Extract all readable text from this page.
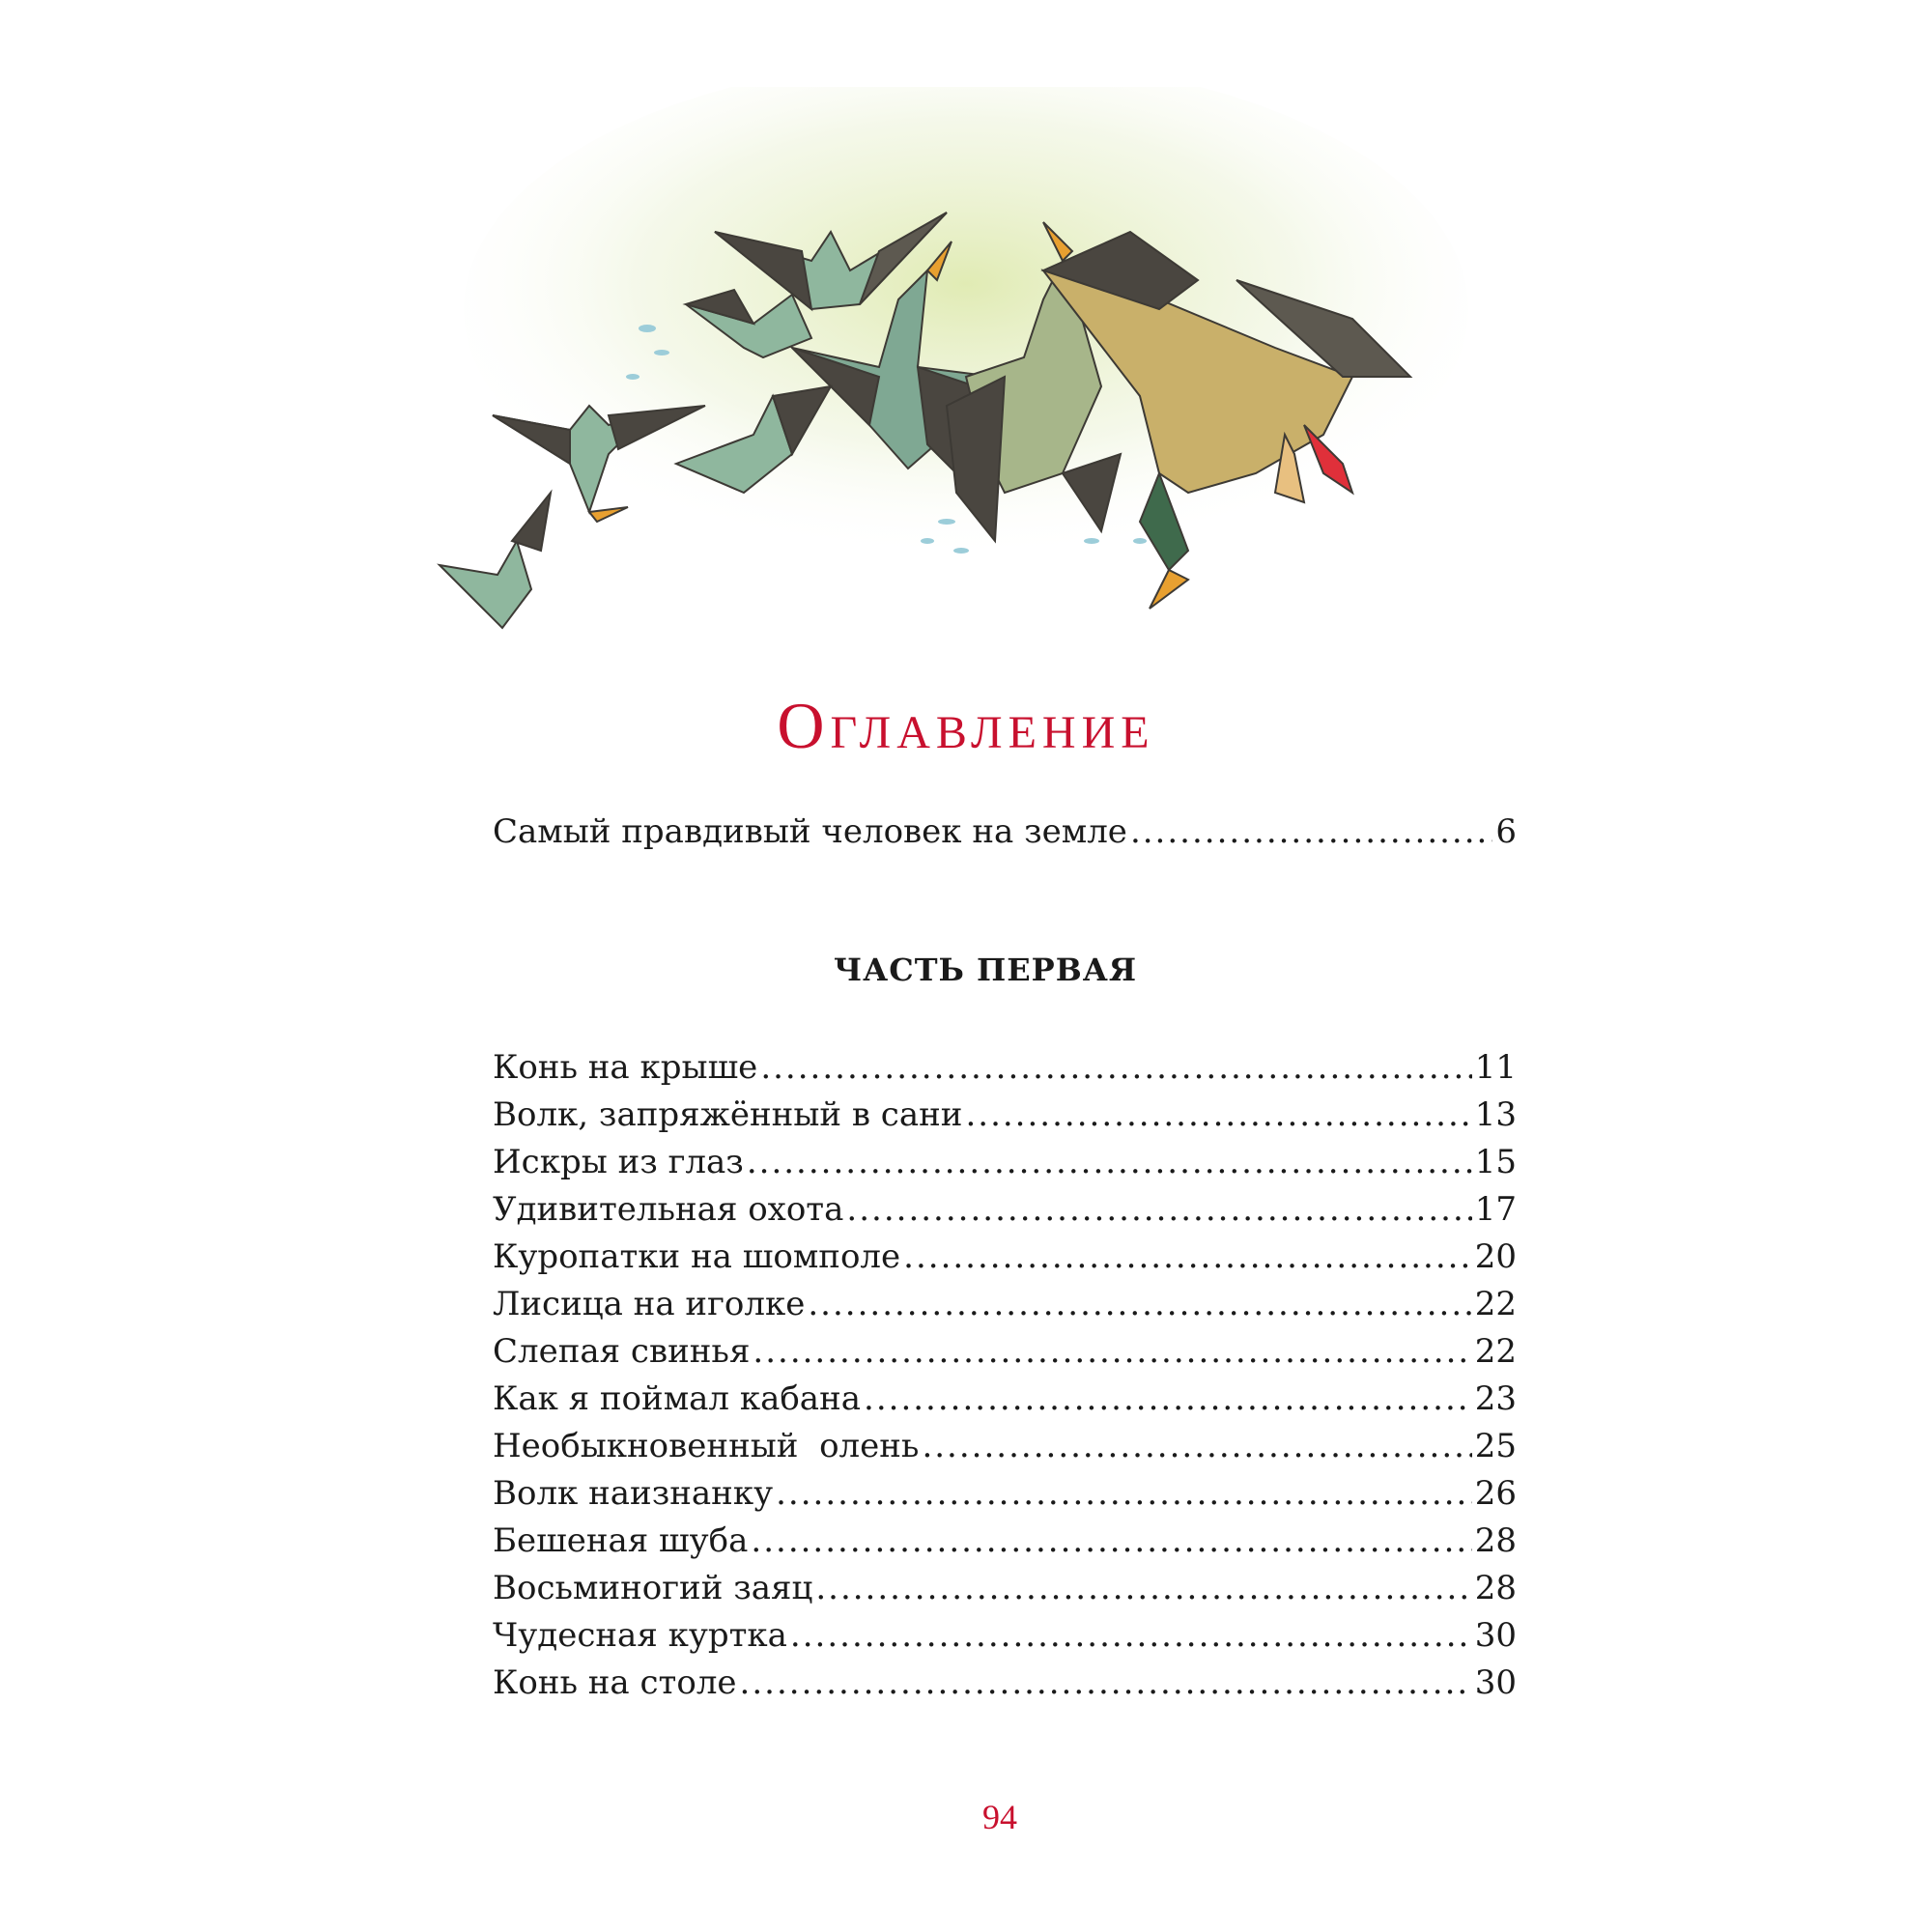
Оглавление
Самый правдивый человек на земле .....	6
ЧАСТЬ ПЕРВАЯ
Конь на крыше .....	11
Волк, запряжённый в сани .....	13
Искры из глаз .....	15
Удивительная охота .....	17
Куропатки на шомполе .....	20
Лисица на иголке .....	22
Слепая свинья .....	22
Как я поймал кабана .....	23
Необыкновенный  олень .....	25
Волк наизнанку .....	26
Бешеная шуба .....	28
Восьминогий заяц .....	28
Чудесная куртка .....	30
Конь на столе .....	30
94
